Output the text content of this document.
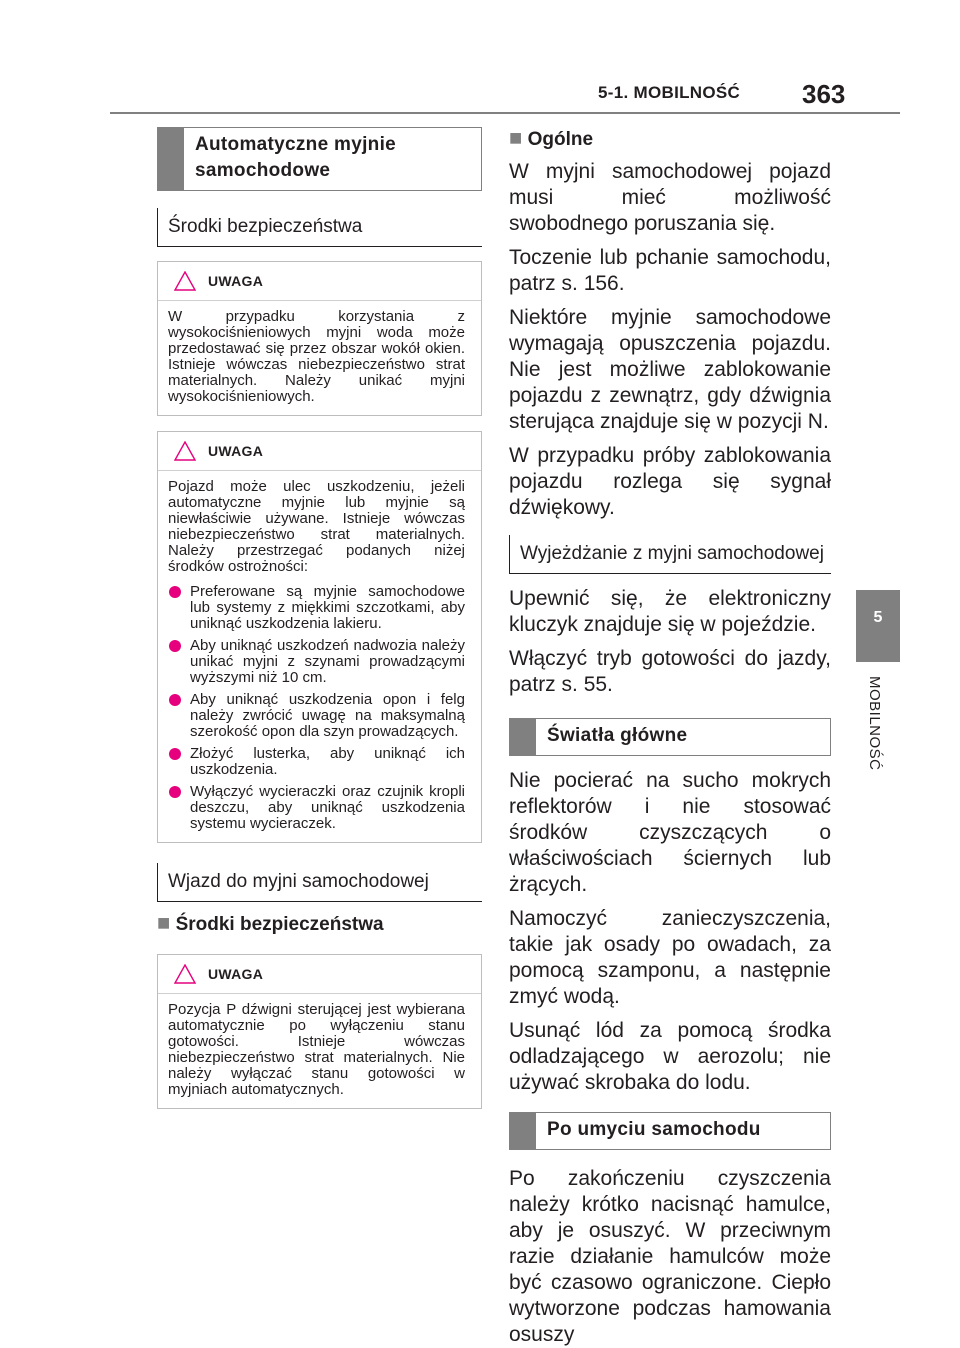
5-1. MOBILNOŚĆ 363
5
MOBILNOŚĆ
Automatyczne myjnie samochodowe
Środki bezpieczeństwa
UWAGA
W przypadku korzystania z wysokociśnieniowych myjni woda może przedostawać się przez obszar wokół okien. Istnieje wówczas niebezpieczeństwo strat materialnych. Należy unikać myjni wysokociśnieniowych.
UWAGA
Pojazd może ulec uszkodzeniu, jeżeli automatyczne myjnie lub myjnie są niewłaściwie używane. Istnieje wówczas niebezpieczeństwo strat materialnych. Należy przestrzegać podanych niżej środków ostrożności:
Preferowane są myjnie samochodowe lub systemy z miękkimi szczotkami, aby uniknąć uszkodzenia lakieru.
Aby uniknąć uszkodzeń nadwozia należy unikać myjni z szynami prowadzącymi wyższymi niż 10 cm.
Aby uniknąć uszkodzenia opon i felg należy zwrócić uwagę na maksymalną szerokość opon dla szyn prowadzących.
Złożyć lusterka, aby uniknąć ich uszkodzenia.
Wyłączyć wycieraczki oraz czujnik kropli deszczu, aby uniknąć uszkodzenia systemu wycieraczek.
Wjazd do myjni samochodowej
■ Środki bezpieczeństwa
UWAGA
Pozycja P dźwigni sterującej jest wybierana automatycznie po wyłączeniu stanu gotowości. Istnieje wówczas niebezpieczeństwo strat materialnych. Nie należy wyłączać stanu gotowości w myjniach automatycznych.
■ Ogólne

W myjni samochodowej pojazd musi mieć możliwość swobodnego poruszania się.

Toczenie lub pchanie samochodu, patrz s. 156.

Niektóre myjnie samochodowe wymagają opuszczenia pojazdu. Nie jest możliwe zablokowanie pojazdu z zewnątrz, gdy dźwignia sterująca znajduje się w pozycji N.

W przypadku próby zablokowania pojazdu rozlega się sygnał dźwiękowy.

Wyjeżdżanie z myjni samochodowej

Upewnić się, że elektroniczny kluczyk znajduje się w pojeździe.

Włączyć tryb gotowości do jazdy, patrz s. 55.

Światła główne

Nie pocierać na sucho mokrych reflektorów i nie stosować środków czyszczących o właściwościach ściernych lub żrących.

Namoczyć zanieczyszczenia, takie jak osady po owadach, za pomocą szamponu, a następnie zmyć wodą.

Usunąć lód za pomocą środka odladzającego w aerozolu; nie używać skrobaka do lodu.

Po umyciu samochodu

Po zakończeniu czyszczenia należy krótko nacisnąć hamulce, aby je osuszyć. W przeciwnym razie działanie hamulców może być czasowo ograniczone. Ciepło wytworzone podczas hamowania osuszy
